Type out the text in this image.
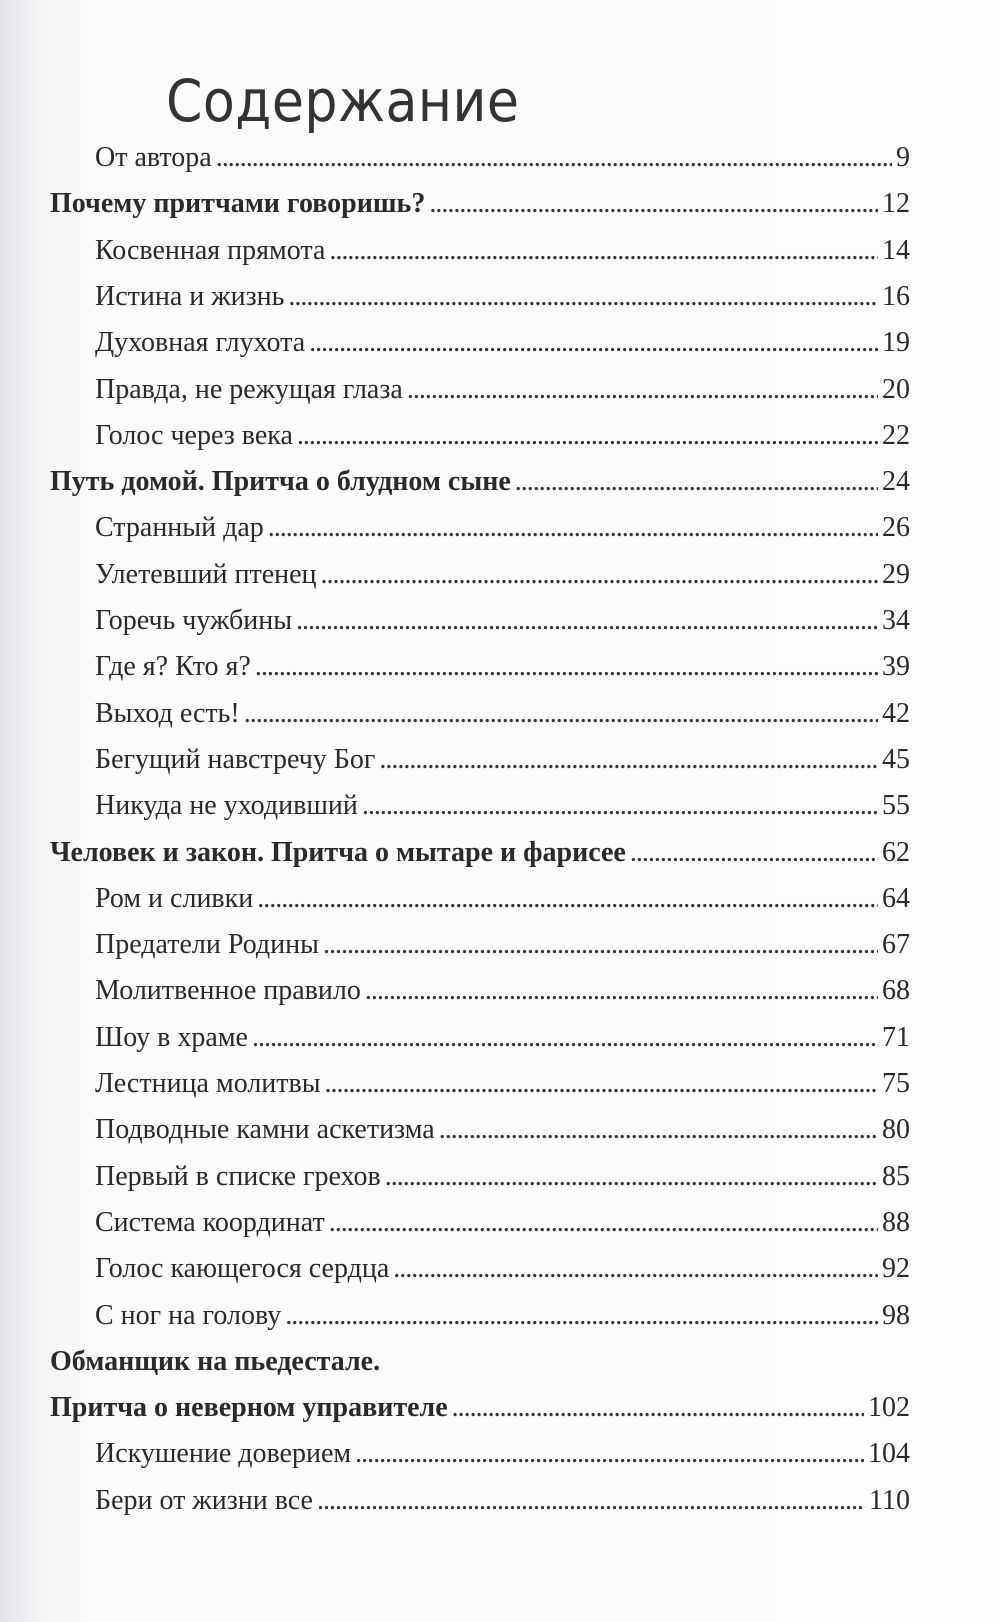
Содержание
От автора . . .	9
Почему притчами говоришь? . . .	12
Косвенная прямота . . .	14
Истина и жизнь . . .	16
Духовная глухота . . .	19
Правда, не режущая глаза . . .	20
Голос через века . . .	22
Путь домой. Притча о блудном сыне . . .	24
Странный дар . . .	26
Улетевший птенец . . .	29
Горечь чужбины . . .	34
Где я? Кто я? . . .	39
Выход есть! . . .	42
Бегущий навстречу Бог . . .	45
Никуда не уходивший . . .	55
Человек и закон. Притча о мытаре и фарисее . . .	62
Ром и сливки . . .	64
Предатели Родины . . .	67
Молитвенное правило . . .	68
Шоу в храме . . .	71
Лестница молитвы . . .	75
Подводные камни аскетизма . . .	80
Первый в списке грехов . . .	85
Система координат . . .	88
Голос кающегося сердца . . .	92
С ног на голову . . .	98
Обманщик на пьедестале.
Притча о неверном управителе . . .	102
Искушение доверием . . .	104
Бери от жизни все . . .	110
